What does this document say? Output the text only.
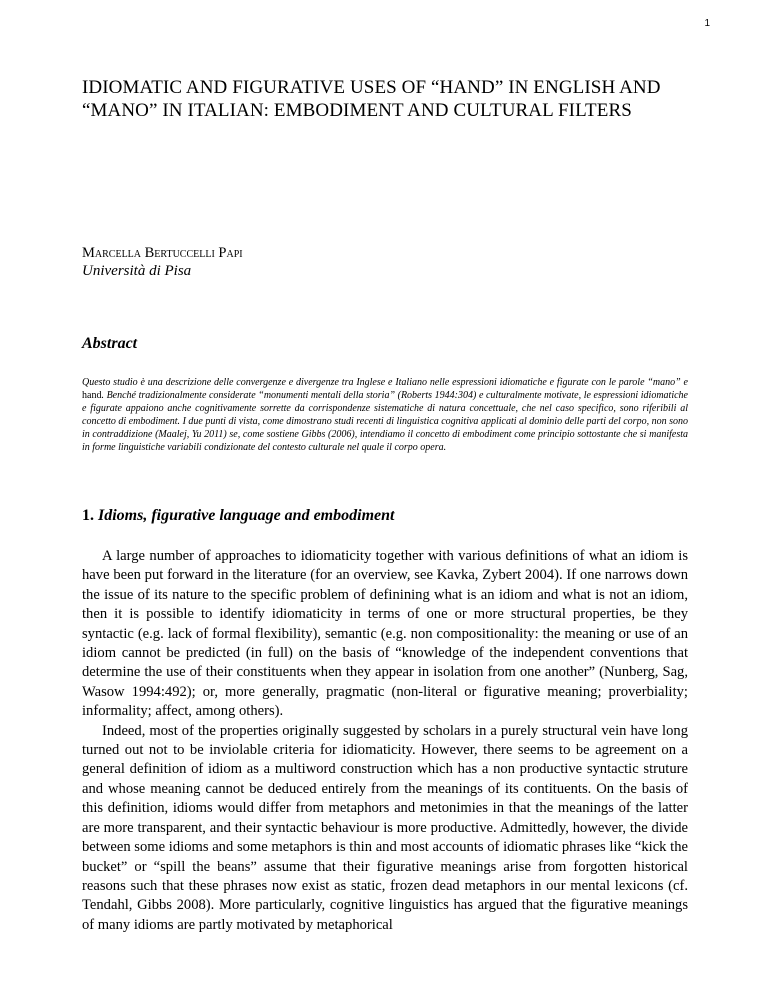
1
IDIOMATIC AND FIGURATIVE USES OF “HAND” IN ENGLISH AND “MANO” IN ITALIAN: EMBODIMENT AND CULTURAL FILTERS
Marcella Bertuccelli Papi
Università di Pisa
Abstract
Questo studio è una descrizione delle convergenze e divergenze tra Inglese e Italiano nelle espressioni idiomatiche e figurate con le parole “mano” e hand. Benché tradizionalmente considerate “monumenti mentali della storia” (Roberts 1944:304) e culturalmente motivate, le espressioni idiomatiche e figurate appaiono anche cognitivamente sorrette da corrispondenze sistematiche di natura concettuale, che nel caso specifico, sono riferibili al concetto di embodiment. I due punti di vista, come dimostrano studi recenti di linguistica cognitiva applicati al dominio delle parti del corpo, non sono in contraddizione (Maalej, Yu 2011) se, come sostiene Gibbs (2006), intendiamo il concetto di embodiment come principio sottostante che si manifesta in forme linguistiche variabili condizionate del contesto culturale nel quale il corpo opera.
1. Idioms, figurative language and embodiment

A large number of approaches to idiomaticity together with various definitions of what an idiom is have been put forward in the literature (for an overview, see Kavka, Zybert 2004). If one narrows down the issue of its nature to the specific problem of definining what is an idiom and what is not an idiom, then it is possible to identify idiomaticity in terms of one or more structural properties, be they syntactic (e.g. lack of formal flexibility), semantic (e.g. non compositionality: the meaning or use of an idiom cannot be predicted (in full) on the basis of “knowledge of the independent conventions that determine the use of their constituents when they appear in isolation from one another” (Nunberg, Sag, Wasow 1994:492); or, more generally, pragmatic (non-literal or figurative meaning; proverbiality; informality; affect, among others).

Indeed, most of the properties originally suggested by scholars in a purely structural vein have long turned out not to be inviolable criteria for idiomaticity. However, there seems to be agreement on a general definition of idiom as a multiword construction which has a non productive syntactic struture and whose meaning cannot be deduced entirely from the meanings of its contituents. On the basis of this definition, idioms would differ from metaphors and metonimies in that the meanings of the latter are more transparent, and their syntactic behaviour is more productive. Admittedly, however, the divide between some idioms and some metaphors is thin and most accounts of idiomatic phrases like “kick the bucket” or “spill the beans” assume that their figurative meanings arise from forgotten historical reasons such that these phrases now exist as static, frozen dead metaphors in our mental lexicons (cf. Tendahl, Gibbs 2008). More particularly, cognitive linguistics has argued that the figurative meanings of many idioms are partly motivated by metaphorical
